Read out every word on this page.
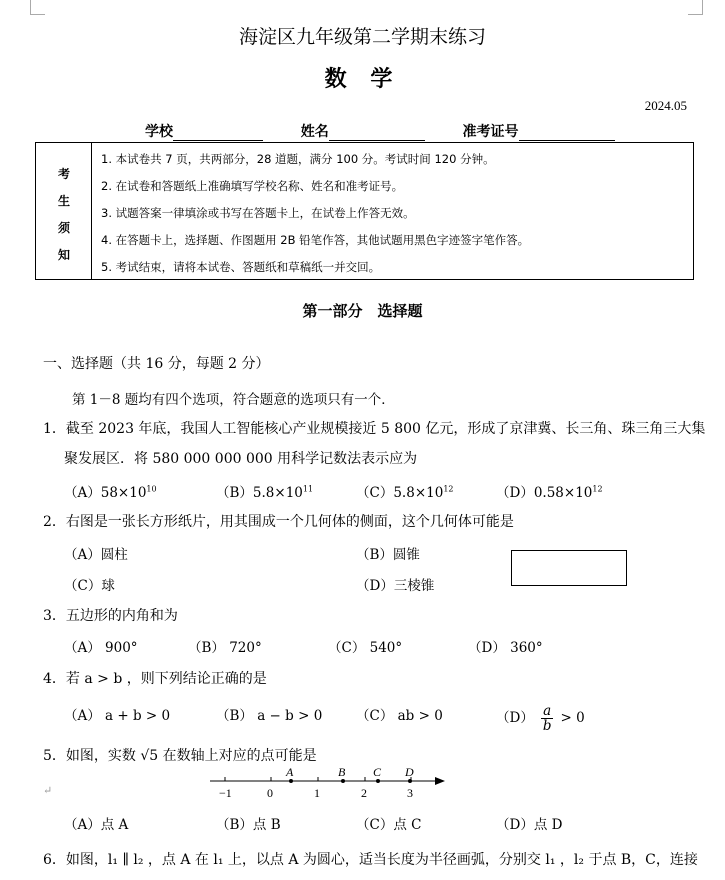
海淀区九年级第二学期末练习
数 学
2024.05
学校	姓名	准考证号
考
生
须
知
1. 本试卷共 7 页，共两部分，28 道题，满分 100 分。考试时间 120 分钟。
2. 在试卷和答题纸上准确填写学校名称、姓名和准考证号。
3. 试题答案一律填涂或书写在答题卡上，在试卷上作答无效。
4. 在答题卡上，选择题、作图题用 2B 铅笔作答，其他试题用黑色字迹签字笔作答。
5. 考试结束，请将本试卷、答题纸和草稿纸一并交回。
第一部分　选择题
一、选择题（共 16 分，每题 2 分）
第 1－8 题均有四个选项，符合题意的选项只有一个．
1．截至 2023 年底，我国人工智能核心产业规模接近 5 800 亿元，形成了京津冀、长三角、珠三角三大集
聚发展区．将 580 000 000 000 用科学记数法表示应为
$(A)58\times 10^{10}$	$(B)5.8\times 10^{11}$	$(C)5.8\times 10^{12}$	$(D)0.58\times 10^{12}$
2．右图是一张长方形纸片，用其围成一个几何体的侧面，这个几何体可能是
（A）圆柱	（B）圆锥
（C）球	（D）三棱锥
3．五边形的内角和为
（A） 900°	（B） 720°	（C） 540°	（D） 360°
4．若 a > b ，则下列结论正确的是
（A） a + b > 0	（B） a − b > 0 （C） ab > 0	$(D) \frac{a}{b} > 0$
5．如图，实数 √5 在数轴上对应的点可能是
−1	0	1	2	3
A	B C D
↵
（A）点 A	（B）点 B	（C）点 C	（D）点 D
6．如图，l₁ ∥ l₂ ，点 A 在 l₁ 上，以点 A 为圆心，适当长度为半径画弧，分别交 l₁ ，l₂ 于点 B，C，连接
